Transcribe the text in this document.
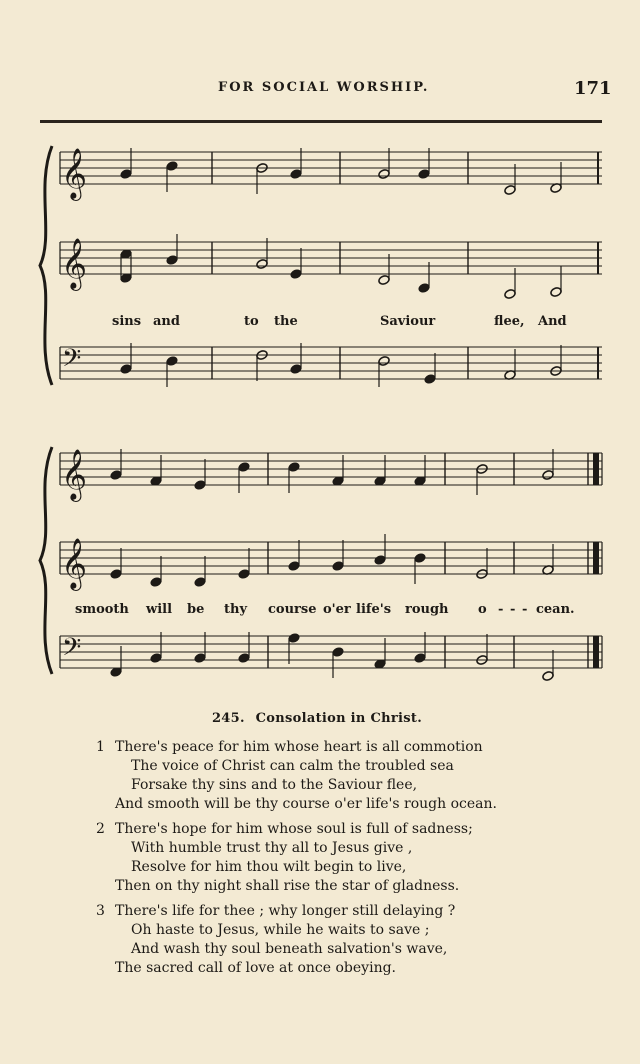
FOR SOCIAL WORSHIP.	171
𝄞
𝄞
𝄢
𝄞
𝄞
𝄢
sins and	to the	Saviour	flee, And
smooth will be thy course o'er life's rough o - - - cean.
245. Consolation in Christ.
1 There's peace for him whose heart is all commotion
The voice of Christ can calm the troubled sea
Forsake thy sins and to the Saviour flee,
And smooth will be thy course o'er life's rough ocean.
2 There's hope for him whose soul is full of sadness;
With humble trust thy all to Jesus give ,
Resolve for him thou wilt begin to live,
Then on thy night shall rise the star of gladness.
3 There's life for thee ; why longer still delaying ?
Oh haste to Jesus, while he waits to save ;
And wash thy soul beneath salvation's wave,
The sacred call of love at once obeying.
